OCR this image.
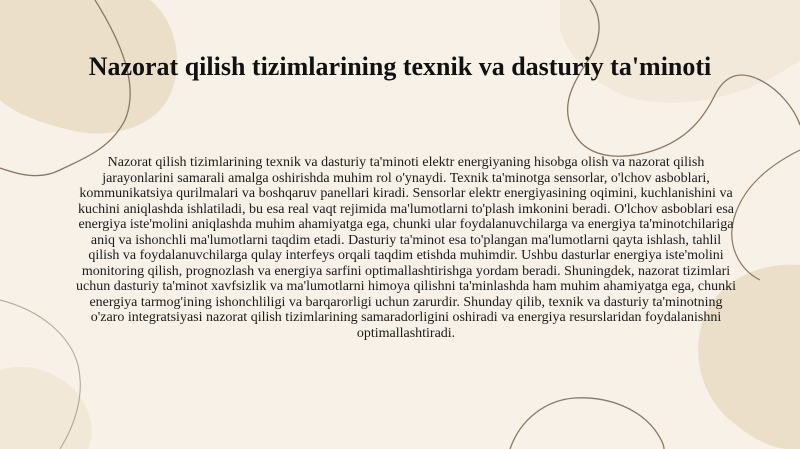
Nazorat qilish tizimlarining texnik va dasturiy ta'minoti

Nazorat qilish tizimlarining texnik va dasturiy ta'minoti elektr energiyaning hisobga olish va nazorat qilish jarayonlarini samarali amalga oshirishda muhim rol o'ynaydi. Texnik ta'minotga sensorlar, o'lchov asboblari, kommunikatsiya qurilmalari va boshqaruv panellari kiradi. Sensorlar elektr energiyasining oqimini, kuchlanishini va kuchini aniqlashda ishlatiladi, bu esa real vaqt rejimida ma'lumotlarni to'plash imkonini beradi. O'lchov asboblari esa energiya iste'molini aniqlashda muhim ahamiyatga ega, chunki ular foydalanuvchilarga va energiya ta'minotchilariga aniq va ishonchli ma'lumotlarni taqdim etadi. Dasturiy ta'minot esa to'plangan ma'lumotlarni qayta ishlash, tahlil qilish va foydalanuvchilarga qulay interfeys orqali taqdim etishda muhimdir. Ushbu dasturlar energiya iste'molini monitoring qilish, prognozlash va energiya sarfini optimallashtirishga yordam beradi. Shuningdek, nazorat tizimlari uchun dasturiy ta'minot xavfsizlik va ma'lumotlarni himoya qilishni ta'minlashda ham muhim ahamiyatga ega, chunki energiya tarmog'ining ishonchliligi va barqarorligi uchun zarurdir. Shunday qilib, texnik va dasturiy ta'minotning o'zaro integratsiyasi nazorat qilish tizimlarining samaradorligini oshiradi va energiya resurslaridan foydalanishni optimallashtiradi.
